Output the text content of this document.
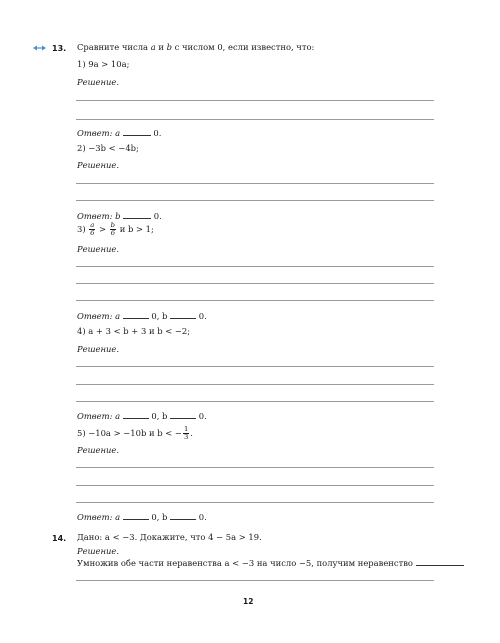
13. Сравните числа a и b с числом 0, если известно, что:
1) 9a > 10a;
Решение.
Ответ: a	0.
2) −3b < −4b;
Решение.
Ответ: b	0.
$3) \frac{a}{6} > \frac{b}{6}$ и b > 1;
Решение.
Ответ: a	0, b	0.
4) a + 3 < b + 3 и b < −2;
Решение.
Ответ: a	0, b	0.
5) −10a > −10b и b < − $\frac{1}{3}$ .
Решение.
Ответ: a	0, b	0.
14. Дано: a < −3. Докажите, что 4 − 5a > 19.
Решение.
Умножив обе части неравенства a < −3 на число −5, получим неравенство
12
